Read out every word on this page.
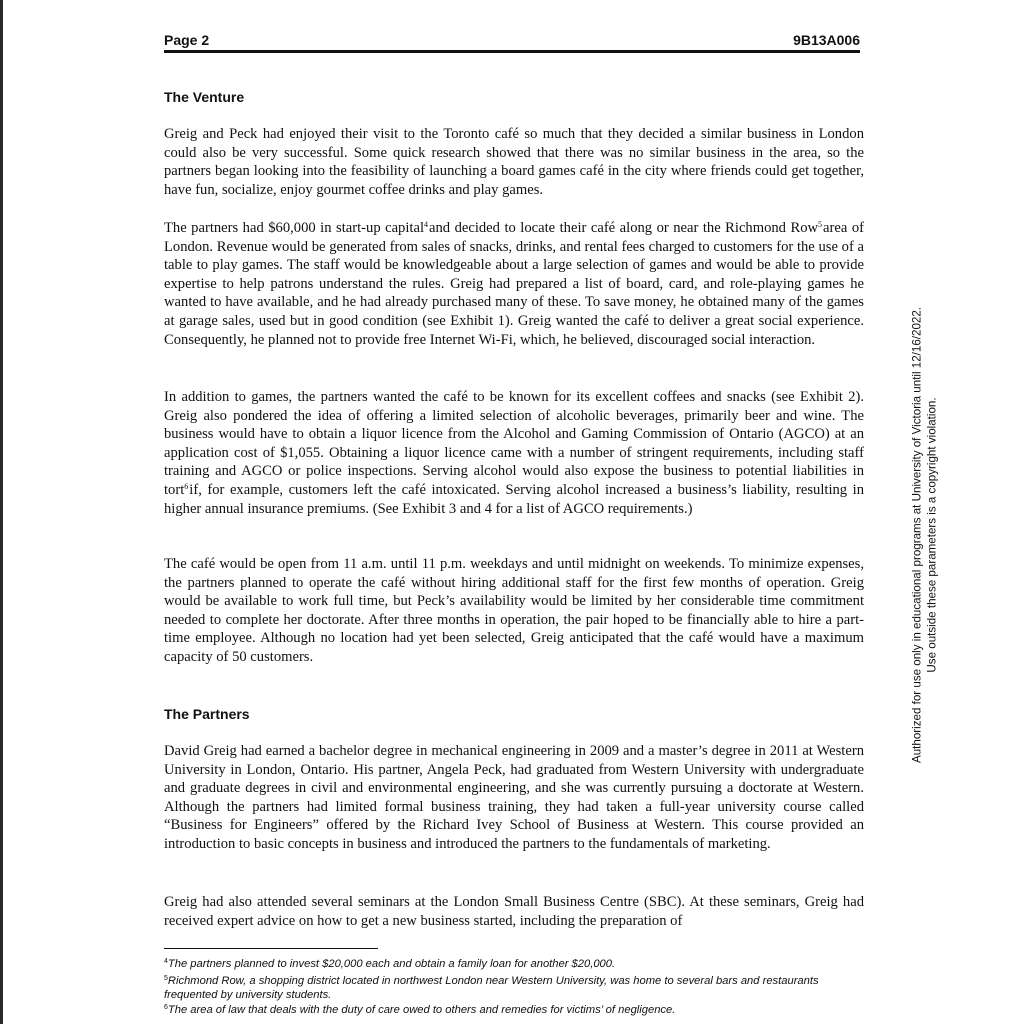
Page 2	9B13A006
The Venture

Greig and Peck had enjoyed their visit to the Toronto café so much that they decided a similar business in London could also be very successful. Some quick research showed that there was no similar business in the area, so the partners began looking into the feasibility of launching a board games café in the city where friends could get together, have fun, socialize, enjoy gourmet coffee drinks and play games.

The partners had $60,000 in start-up capital$^4$and decided to locate their café along or near the Richmond Row$^5$area of London. Revenue would be generated from sales of snacks, drinks, and rental fees charged to customers for the use of a table to play games. The staff would be knowledgeable about a large selection of games and would be able to provide expertise to help patrons understand the rules. Greig had prepared a list of board, card, and role-playing games he wanted to have available, and he had already purchased many of these. To save money, he obtained many of the games at garage sales, used but in good condition (see Exhibit 1). Greig wanted the café to deliver a great social experience. Consequently, he planned not to provide free Internet Wi-Fi, which, he believed, discouraged social interaction.

In addition to games, the partners wanted the café to be known for its excellent coffees and snacks (see Exhibit 2). Greig also pondered the idea of offering a limited selection of alcoholic beverages, primarily beer and wine. The business would have to obtain a liquor licence from the Alcohol and Gaming Commission of Ontario (AGCO) at an application cost of $1,055. Obtaining a liquor licence came with a number of stringent requirements, including staff training and AGCO or police inspections. Serving alcohol would also expose the business to potential liabilities in tort$^6$if, for example, customers left the café intoxicated. Serving alcohol increased a business’s liability, resulting in higher annual insurance premiums. (See Exhibit 3 and 4 for a list of AGCO requirements.)

The café would be open from 11 a.m. until 11 p.m. weekdays and until midnight on weekends. To minimize expenses, the partners planned to operate the café without hiring additional staff for the first few months of operation. Greig would be available to work full time, but Peck’s availability would be limited by her considerable time commitment needed to complete her doctorate. After three months in operation, the pair hoped to be financially able to hire a part-time employee. Although no location had yet been selected, Greig anticipated that the café would have a maximum capacity of 50 customers.

The Partners

David Greig had earned a bachelor degree in mechanical engineering in 2009 and a master’s degree in 2011 at Western University in London, Ontario. His partner, Angela Peck, had graduated from Western University with undergraduate and graduate degrees in civil and environmental engineering, and she was currently pursuing a doctorate at Western. Although the partners had limited formal business training, they had taken a full-year university course called “Business for Engineers” offered by the Richard Ivey School of Business at Western. This course provided an introduction to basic concepts in business and introduced the partners to the fundamentals of marketing.

Greig had also attended several seminars at the London Small Business Centre (SBC). At these seminars, Greig had received expert advice on how to get a new business started, including the preparation of

$^4$The partners planned to invest $20,000 each and obtain a family loan for another $20,000.

$^5$Richmond Row, a shopping district located in northwest London near Western University, was home to several bars and restaurants frequented by university students.

$^6$The area of law that deals with the duty of care owed to others and remedies for victims’ of negligence.

Authorized for use only in educational programs at University of Victoria until 12/16/2022. Use outside these parameters is a copyright violation.
